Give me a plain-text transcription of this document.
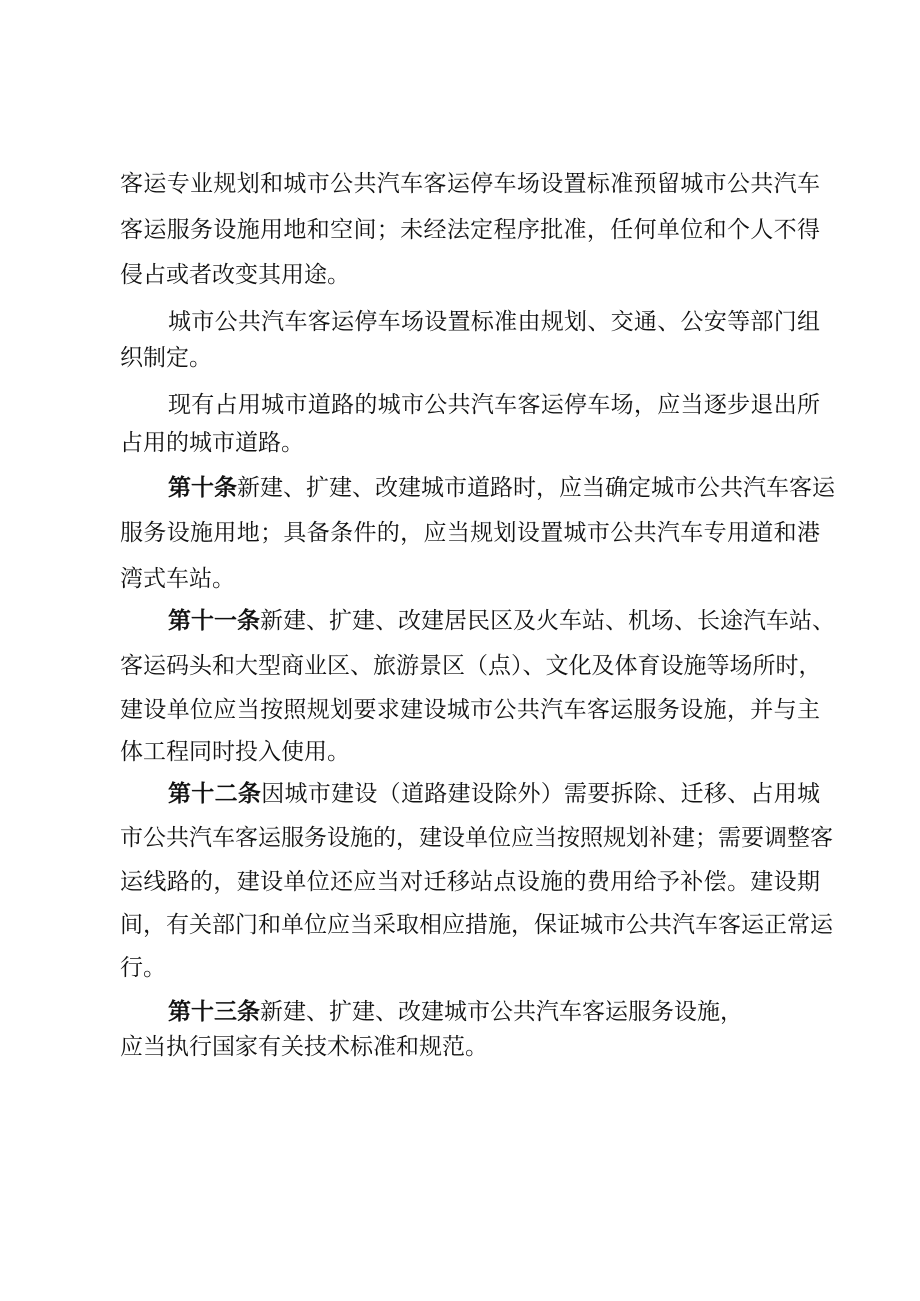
客运专业规划和城市公共汽车客运停车场设置标准预留城市公共汽车
客运服务设施用地和空间；未经法定程序批准，任何单位和个人不得
侵占或者改变其用途。
城市公共汽车客运停车场设置标准由规划、交通、公安等部门组
织制定。
现有占用城市道路的城市公共汽车客运停车场，应当逐步退出所
占用的城市道路。
第十条新建、扩建、改建城市道路时，应当确定城市公共汽车客运
服务设施用地；具备条件的，应当规划设置城市公共汽车专用道和港
湾式车站。
第十一条新建、扩建、改建居民区及火车站、机场、长途汽车站、
客运码头和大型商业区、旅游景区（点）、文化及体育设施等场所时，
建设单位应当按照规划要求建设城市公共汽车客运服务设施，并与主
体工程同时投入使用。
第十二条因城市建设（道路建设除外）需要拆除、迁移、占用城
市公共汽车客运服务设施的，建设单位应当按照规划补建；需要调整客
运线路的，建设单位还应当对迁移站点设施的费用给予补偿。建设期
间，有关部门和单位应当采取相应措施，保证城市公共汽车客运正常运
行。
第十三条新建、扩建、改建城市公共汽车客运服务设施，
应当执行国家有关技术标准和规范。
